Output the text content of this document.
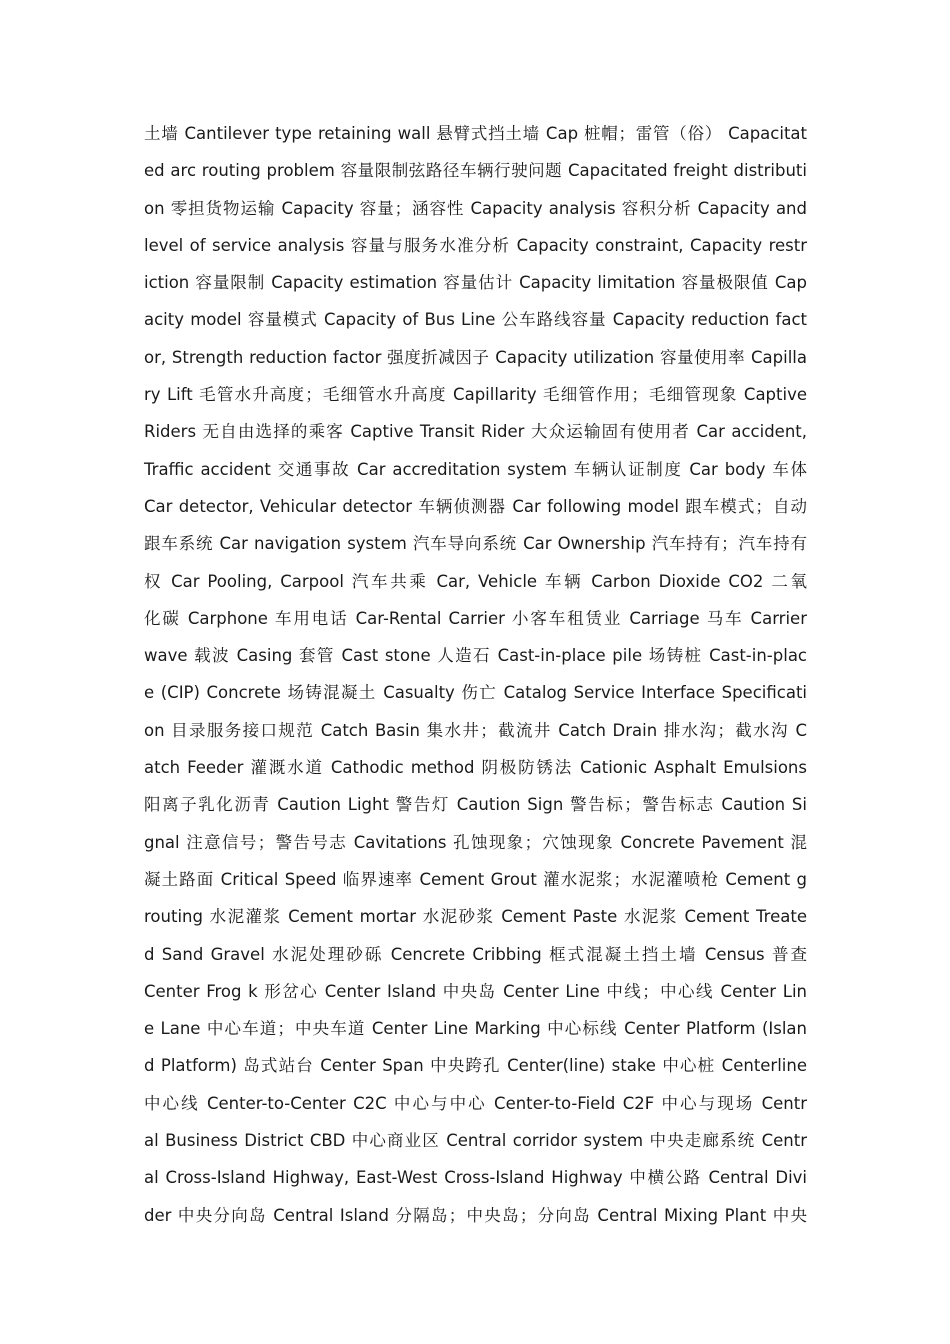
土墙 Cantilever type retaining wall 悬臂式挡土墙 Cap 桩帽；雷管（俗） Capacitat
ed arc routing problem 容量限制弦路径车辆行驶问题 Capacitated freight distributi
on 零担货物运输 Capacity 容量；涵容性 Capacity analysis 容积分析 Capacity and
level of service analysis 容量与服务水准分析 Capacity constraint, Capacity restr
iction 容量限制 Capacity estimation 容量估计 Capacity limitation 容量极限值 Cap
acity model 容量模式 Capacity of Bus Line 公车路线容量 Capacity reduction fact
or, Strength reduction factor 强度折减因子 Capacity utilization 容量使用率 Capilla
ry Lift 毛管水升高度；毛细管水升高度 Capillarity 毛细管作用；毛细管现象 Captive
Riders 无自由选择的乘客 Captive Transit Rider 大众运输固有使用者 Car accident,
Traffic accident 交通事故 Car accreditation system 车辆认证制度 Car body 车体
Car detector, Vehicular detector 车辆侦测器 Car following model 跟车模式；自动
跟车系统 Car navigation system 汽车导向系统 Car Ownership 汽车持有；汽车持有
权 Car Pooling, Carpool 汽车共乘 Car, Vehicle 车辆 Carbon Dioxide CO2 二氧
化碳 Carphone 车用电话 Car-Rental Carrier 小客车租赁业 Carriage 马车 Carrier
wave 载波 Casing 套管 Cast stone 人造石 Cast-in-place pile 场铸桩 Cast-in-plac
e (CIP) Concrete 场铸混凝土 Casualty 伤亡 Catalog Service Interface Specificati
on 目录服务接口规范 Catch Basin 集水井；截流井 Catch Drain 排水沟；截水沟 C
atch Feeder 灌溉水道 Cathodic method 阴极防锈法 Cationic Asphalt Emulsions
阳离子乳化沥青 Caution Light 警告灯 Caution Sign 警告标；警告标志 Caution Si
gnal 注意信号；警告号志 Cavitations 孔蚀现象；穴蚀现象 Concrete Pavement 混
凝土路面 Critical Speed 临界速率 Cement Grout 灌水泥浆；水泥灌喷枪 Cement g
routing 水泥灌浆 Cement mortar 水泥砂浆 Cement Paste 水泥浆 Cement Treate
d Sand Gravel 水泥处理砂砾 Cencrete Cribbing 框式混凝土挡土墙 Census 普查
Center Frog k 形岔心 Center Island 中央岛 Center Line 中线；中心线 Center Lin
e Lane 中心车道；中央车道 Center Line Marking 中心标线 Center Platform (Islan
d Platform) 岛式站台 Center Span 中央跨孔 Center(line) stake 中心桩 Centerline
中心线 Center-to-Center C2C 中心与中心 Center-to-Field C2F 中心与现场 Centr
al Business District CBD 中心商业区 Central corridor system 中央走廊系统 Centr
al Cross-Island Highway, East-West Cross-Island Highway 中横公路 Central Divi
der 中央分向岛 Central Island 分隔岛；中央岛；分向岛 Central Mixing Plant 中央
